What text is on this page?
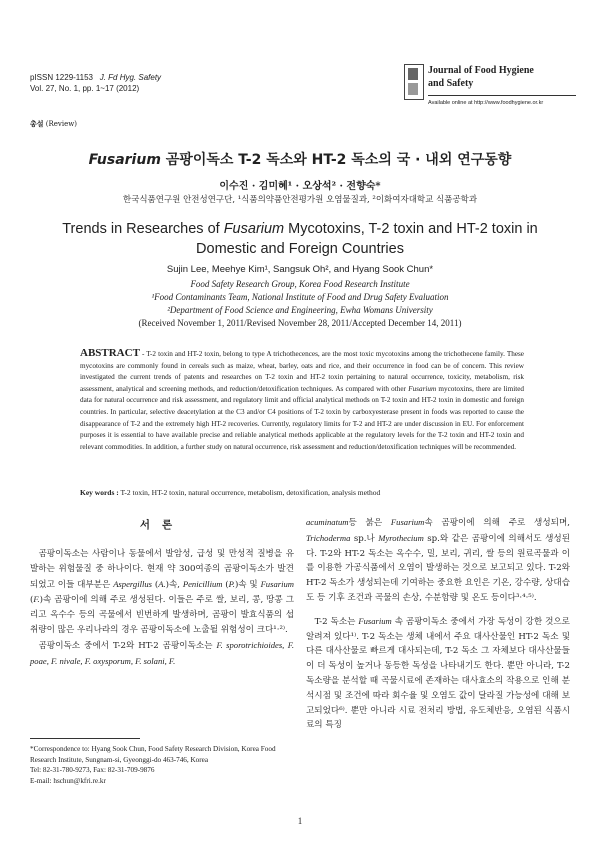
pISSN 1229-1153 J. Fd Hyg. Safety
Vol. 27, No. 1, pp. 1~17 (2012)
Journal of Food Hygiene
and Safety
Available online at http://www.foodhygiene.or.kr
총설 (Review)
Fusarium 곰팡이독소 T-2 독소와 HT-2 독소의 국 · 내외 연구동향
이수진 · 김미혜¹ · 오상석² · 전향숙*
한국식품연구원 안전성연구단, ¹식품의약품안전평가원 오염물질과, ²이화여자대학교 식품공학과
Trends in Researches of Fusarium Mycotoxins, T-2 toxin and HT-2 toxin in
Domestic and Foreign Countries
Sujin Lee, Meehye Kim¹, Sangsuk Oh², and Hyang Sook Chun*
Food Safety Research Group, Korea Food Research Institute
¹Food Contaminants Team, National Institute of Food and Drug Safety Evaluation
²Department of Food Science and Engineering, Ewha Womans University
(Received November 1, 2011/Revised November 28, 2011/Accepted December 14, 2011)
ABSTRACT - T-2 toxin and HT-2 toxin, belong to type A trichothecences, are the most toxic mycotoxins among the trichothecene family. These mycotoxins are commonly found in cereals such as maize, wheat, barley, oats and rice, and their occurrence in food can be of concern. This review investigated the current trends of patents and researches on T-2 toxin and HT-2 toxin pertaining to natural occurrence, toxicity, metabolism, risk assessment, analytical and screening methods, and reduction/detoxification techniques. As compared with other Fusarium mycotoxins, there are limited data for natural occurrence and risk assessment, and regulatory limit and official analytical methods on T-2 toxin and HT-2 toxin in domestic and foreign countries. In particular, selective deacetylation at the C3 and/or C4 positions of T-2 toxin by carboxyesterase present in foods was reported to cause the disappearance of T-2 and the extremely high HT-2 recoveries. Currently, regulatory limits for T-2 and HT-2 are under discussion in EU. For enforcement purposes it is essential to have available precise and reliable analytical methods applicable at the regulatory levels for the T-2 toxin and HT-2 toxin and relevant commodities. In addition, a further study on natural occurrence, risk assessment and reduction/detoxification techniques will be recommended.
Key words : T-2 toxin, HT-2 toxin, natural occurrence, metabolism, detoxification, analysis method
서론

곰팡이독소는 사람이나 동물에서 발암성, 급성 및 만성적 질병을 유발하는 위험물질 중 하나이다. 현재 약 300여종의 곰팡이독소가 발견되었고 이들 대부분은 Aspergillus (A.)속, Penicillium (P.)속 및 Fusarium (F.)속 곰팡이에 의해 주로 생성된다. 이들은 주로 쌀, 보리, 콩, 땅콩 그리고 옥수수 등의 곡물에서 빈번하게 발생하며, 곰팡이 발효식품의 섭취량이 많은 우리나라의 경우 곰팡이독소에 노출될 위험성이 크다¹·²⁾.

곰팡이독소 중에서 T-2와 HT-2 곰팡이독소는 F. sporotrichioides, F. poae, F. nivale, F. oxysporum, F. solani, F.

acuminatum등 붉은 Fusarium속 곰팡이에 의해 주로 생성되며, Trichoderma sp.나 Myrothecium sp.와 같은 곰팡이에 의해서도 생성된다. T-2와 HT-2 독소는 옥수수, 밀, 보리, 귀리, 쌀 등의 원료곡물과 이를 이용한 가공식품에서 오염이 발생하는 것으로 보고되고 있다. T-2와 HT-2 독소가 생성되는데 기여하는 중요한 요인은 기온, 강수량, 상대습도 등 기후 조건과 곡물의 손상, 수분함량 및 온도 등이다³·⁴·⁵⁾.

T-2 독소는 Fusarium 속 곰팡이독소 중에서 가장 독성이 강한 것으로 알려져 있다¹⁾. T-2 독소는 생체 내에서 주요 대사산물인 HT-2 독소 및 다른 대사산물로 빠르게 대사되는데, T-2 독소 그 자체보다 대사산물들이 더 독성이 높거나 동등한 독성을 나타내기도 한다. 뿐만 아니라, T-2 독소량을 분석할 때 곡물시료에 존재하는 대사효소의 작용으로 인해 분석시점 및 조건에 따라 회수율 및 오염도 값이 달라질 가능성에 대해 보고되었다⁶⁾. 뿐만 아니라 시료 전처리 방법, 유도체반응, 오염된 식품시료의 특징

*Correspondence to: Hyang Sook Chun, Food Safety Research Division, Korea Food Research Institute, Sungnam-si, Gyeonggi-do 463-746, Korea
Tel: 82-31-780-9273, Fax: 82-31-709-9876
E-mail: hschun@kfri.re.kr
1
